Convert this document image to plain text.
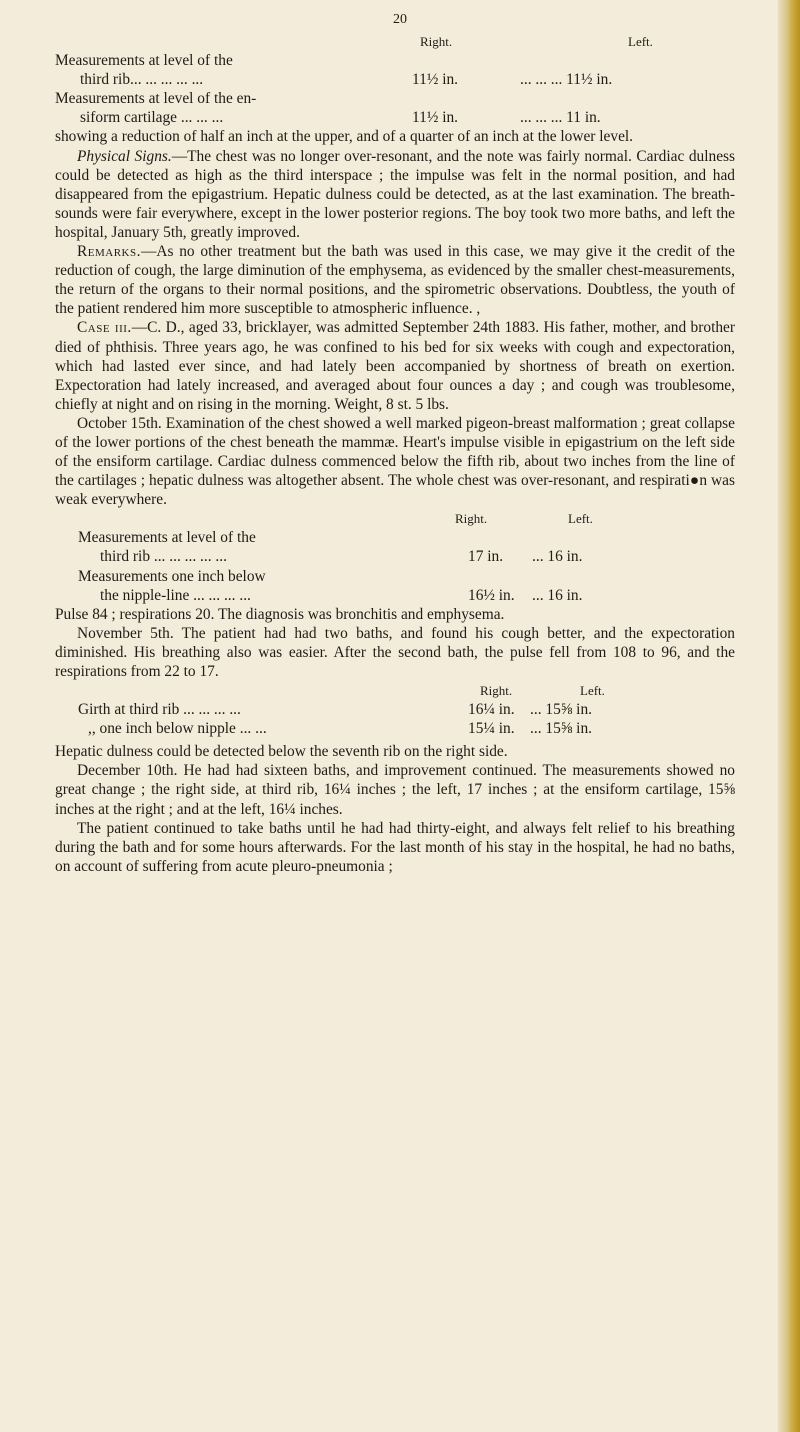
20
Right.	Left.
Measurements at level of the
third rib... ... ... ... ...	11½ in.	... ... ... 11½ in.
Measurements at level of the en-
siform cartilage ... ... ...	11½ in.	... ... ... 11 in.

showing a reduction of half an inch at the upper, and of a quarter of an inch at the lower level.

Physical Signs.—The chest was no longer over-resonant, and the note was fairly normal. Cardiac dulness could be detected as high as the third interspace ; the impulse was felt in the normal position, and had disappeared from the epigastrium. Hepatic dulness could be detected, as at the last examination. The breath-sounds were fair everywhere, except in the lower posterior regions. The boy took two more baths, and left the hospital, January 5th, greatly improved.

Remarks.—As no other treatment but the bath was used in this case, we may give it the credit of the reduction of cough, the large diminution of the emphysema, as evidenced by the smaller chest-measurements, the return of the organs to their normal positions, and the spirometric observations. Doubtless, the youth of the patient rendered him more susceptible to atmospheric influence. ,

Case iii.—C. D., aged 33, bricklayer, was admitted September 24th 1883. His father, mother, and brother died of phthisis. Three years ago, he was confined to his bed for six weeks with cough and expectoration, which had lasted ever since, and had lately been accompanied by shortness of breath on exertion. Expectoration had lately increased, and averaged about four ounces a day ; and cough was troublesome, chiefly at night and on rising in the morning. Weight, 8 st. 5 lbs.

October 15th. Examination of the chest showed a well marked pigeon-breast malformation ; great collapse of the lower portions of the chest beneath the mammæ. Heart's impulse visible in epigastrium on the left side of the ensiform cartilage. Cardiac dulness commenced below the fifth rib, about two inches from the line of the cartilages ; hepatic dulness was altogether absent. The whole chest was over-resonant, and respirati●n was weak everywhere.

Right.	Left.
Measurements at level of the
third rib ... ... ... ... ...	17 in. ... 16 in.
Measurements one inch below
the nipple-line ... ... ... ...	16½ in. ... 16 in.

Pulse 84 ; respirations 20. The diagnosis was bronchitis and emphysema.

November 5th. The patient had had two baths, and found his cough better, and the expectoration diminished. His breathing also was easier. After the second bath, the pulse fell from 108 to 96, and the respirations from 22 to 17.

Right.	Left.
Girth at third rib ... ... ... ...	16¼ in. ... 15⅝ in.
,, one inch below nipple ... ...	15¼ in. ... 15⅝ in.

Hepatic dulness could be detected below the seventh rib on the right side.

December 10th. He had had sixteen baths, and improvement continued. The measurements showed no great change ; the right side, at third rib, 16¼ inches ; the left, 17 inches ; at the ensiform cartilage, 15⅝ inches at the right ; and at the left, 16¼ inches.

The patient continued to take baths until he had had thirty-eight, and always felt relief to his breathing during the bath and for some hours afterwards. For the last month of his stay in the hospital, he had no baths, on account of suffering from acute pleuro-pneumonia ;
